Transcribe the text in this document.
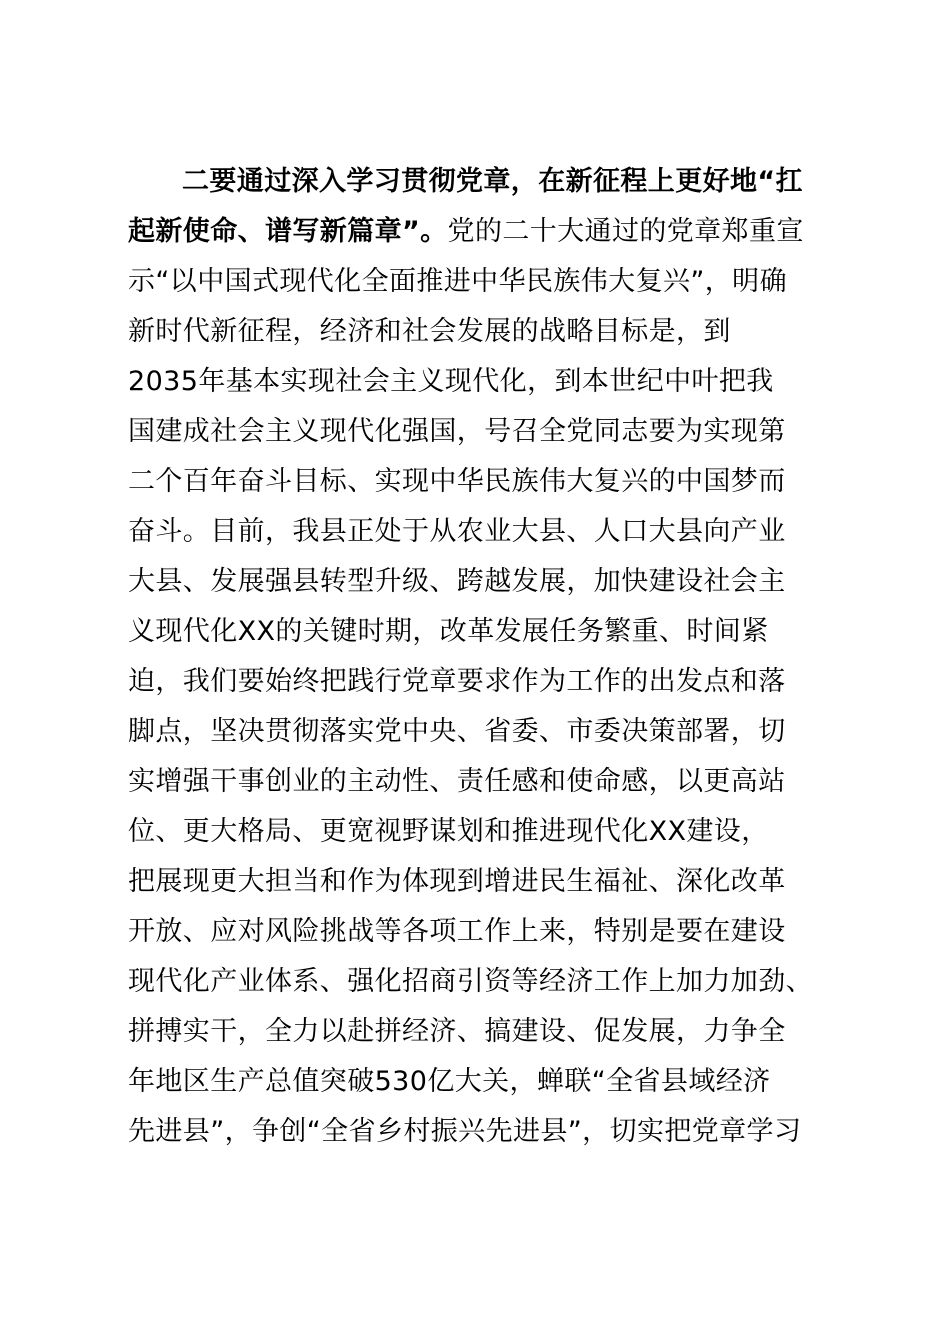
二要通过深入学习贯彻党章，在新征程上更好地“扛
起新使命、谱写新篇章”。党的二十大通过的党章郑重宣
示“以中国式现代化全面推进中华民族伟大复兴”，明确
新时代新征程，经济和社会发展的战略目标是，到
2035年基本实现社会主义现代化，到本世纪中叶把我
国建成社会主义现代化强国，号召全党同志要为实现第
二个百年奋斗目标、实现中华民族伟大复兴的中国梦而
奋斗。目前，我县正处于从农业大县、人口大县向产业
大县、发展强县转型升级、跨越发展，加快建设社会主
义现代化XX的关键时期，改革发展任务繁重、时间紧
迫，我们要始终把践行党章要求作为工作的出发点和落
脚点，坚决贯彻落实党中央、省委、市委决策部署，切
实增强干事创业的主动性、责任感和使命感，以更高站
位、更大格局、更宽视野谋划和推进现代化XX建设，
把展现更大担当和作为体现到增进民生福祉、深化改革
开放、应对风险挑战等各项工作上来，特别是要在建设
现代化产业体系、强化招商引资等经济工作上加力加劲、
拼搏实干，全力以赴拼经济、搞建设、促发展，力争全
年地区生产总值突破530亿大关，蝉联“全省县域经济
先进县”，争创“全省乡村振兴先进县”，切实把党章学习
